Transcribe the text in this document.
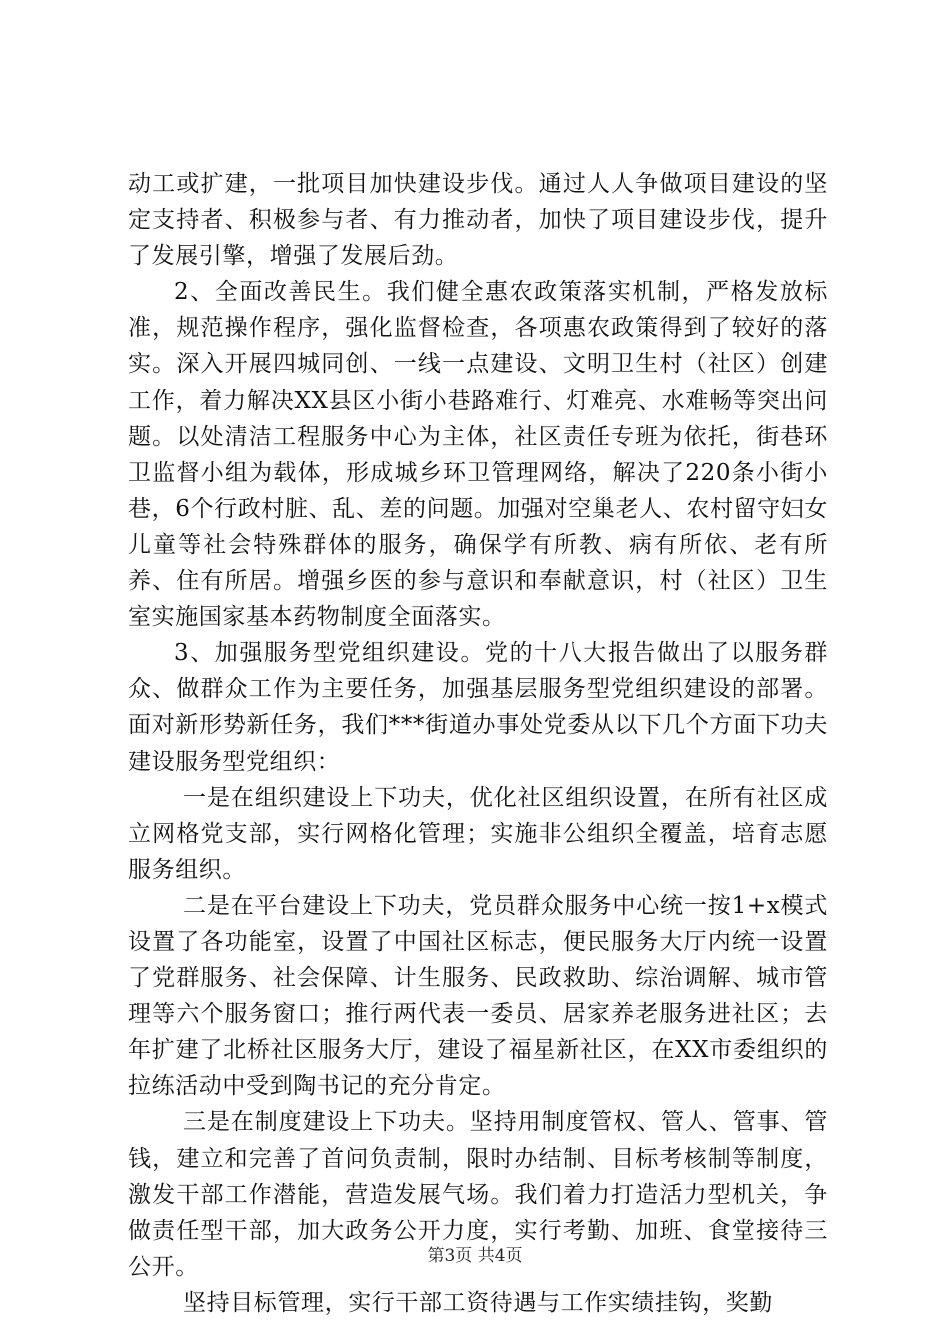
动工或扩建，一批项目加快建设步伐。通过人人争做项目建设的坚定支持者、积极参与者、有力推动者，加快了项目建设步伐，提升了发展引擎，增强了发展后劲。

2、全面改善民生。我们健全惠农政策落实机制，严格发放标准，规范操作程序，强化监督检查，各项惠农政策得到了较好的落实。深入开展四城同创、一线一点建设、文明卫生村（社区）创建工作，着力解决XX县区小街小巷路难行、灯难亮、水难畅等突出问题。以处清洁工程服务中心为主体，社区责任专班为依托，街巷环卫监督小组为载体，形成城乡环卫管理网络，解决了220条小街小巷，6个行政村脏、乱、差的问题。加强对空巢老人、农村留守妇女儿童等社会特殊群体的服务，确保学有所教、病有所依、老有所养、住有所居。增强乡医的参与意识和奉献意识，村（社区）卫生室实施国家基本药物制度全面落实。

3、加强服务型党组织建设。党的十八大报告做出了以服务群众、做群众工作为主要任务，加强基层服务型党组织建设的部署。面对新形势新任务，我们***街道办事处党委从以下几个方面下功夫建设服务型党组织：

一是在组织建设上下功夫，优化社区组织设置，在所有社区成立网格党支部，实行网格化管理；实施非公组织全覆盖，培育志愿服务组织。

二是在平台建设上下功夫，党员群众服务中心统一按1+x模式设置了各功能室，设置了中国社区标志，便民服务大厅内统一设置了党群服务、社会保障、计生服务、民政救助、综治调解、城市管理等六个服务窗口；推行两代表一委员、居家养老服务进社区；去年扩建了北桥社区服务大厅，建设了福星新社区，在XX市委组织的拉练活动中受到陶书记的充分肯定。

三是在制度建设上下功夫。坚持用制度管权、管人、管事、管钱，建立和完善了首问负责制，限时办结制、目标考核制等制度，激发干部工作潜能，营造发展气场。我们着力打造活力型机关，争做责任型干部，加大政务公开力度，实行考勤、加班、食堂接待三公开。

坚持目标管理，实行干部工资待遇与工作实绩挂钩，奖勤

第3页 共4页
